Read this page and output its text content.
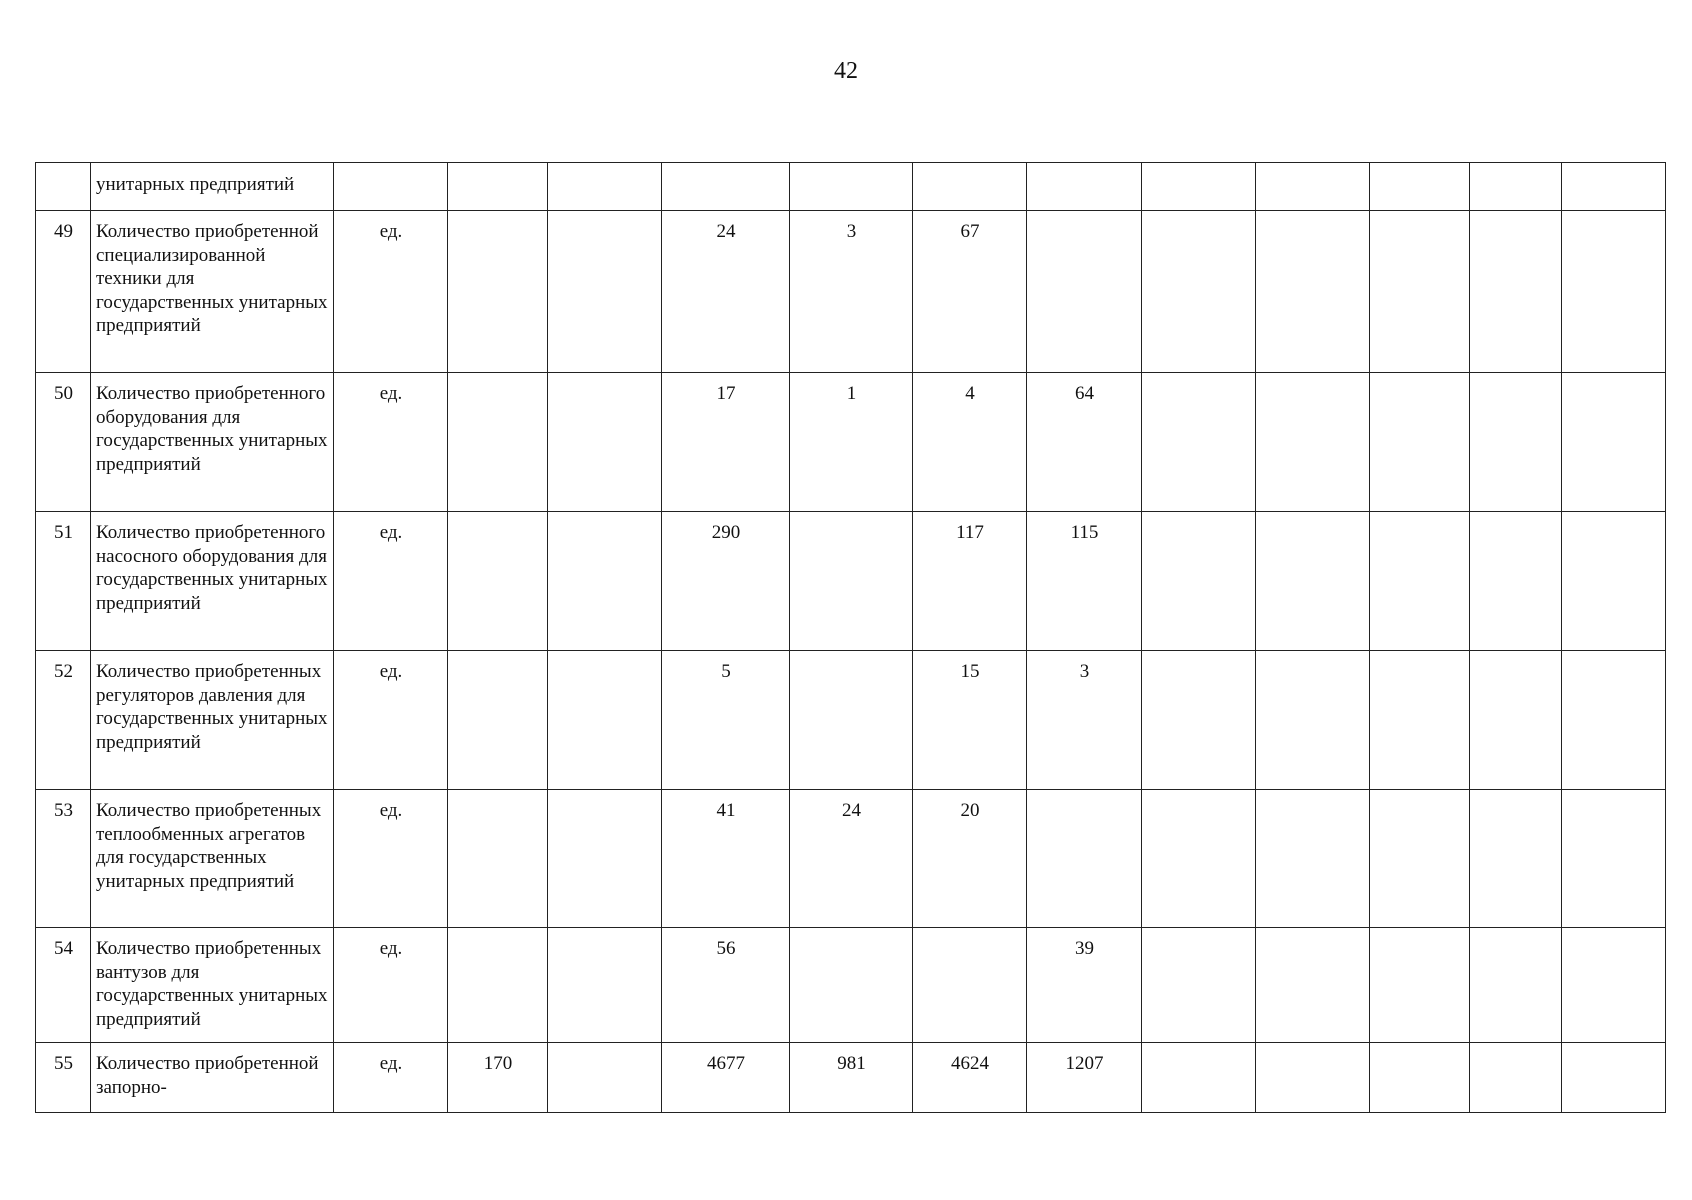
42
	унитарных предприятий												
49	Количество приобретенной специализированной техники для государственных унитарных предприятий	ед.			24	3	67						
50	Количество приобретенного оборудования для государственных унитарных предприятий	ед.			17	1	4	64					
51	Количество приобретенного насосного оборудования для государственных унитарных предприятий	ед.			290		117	115					
52	Количество приобретенных регуляторов давления для государственных унитарных предприятий	ед.			5		15	3					
53	Количество приобретенных теплообменных агрегатов для государственных унитарных предприятий	ед.			41	24	20						
54	Количество приобретенных вантузов для государственных унитарных предприятий	ед.			56			39					
55	Количество приобретенной запорно-	ед.	170		4677	981	4624	1207					
